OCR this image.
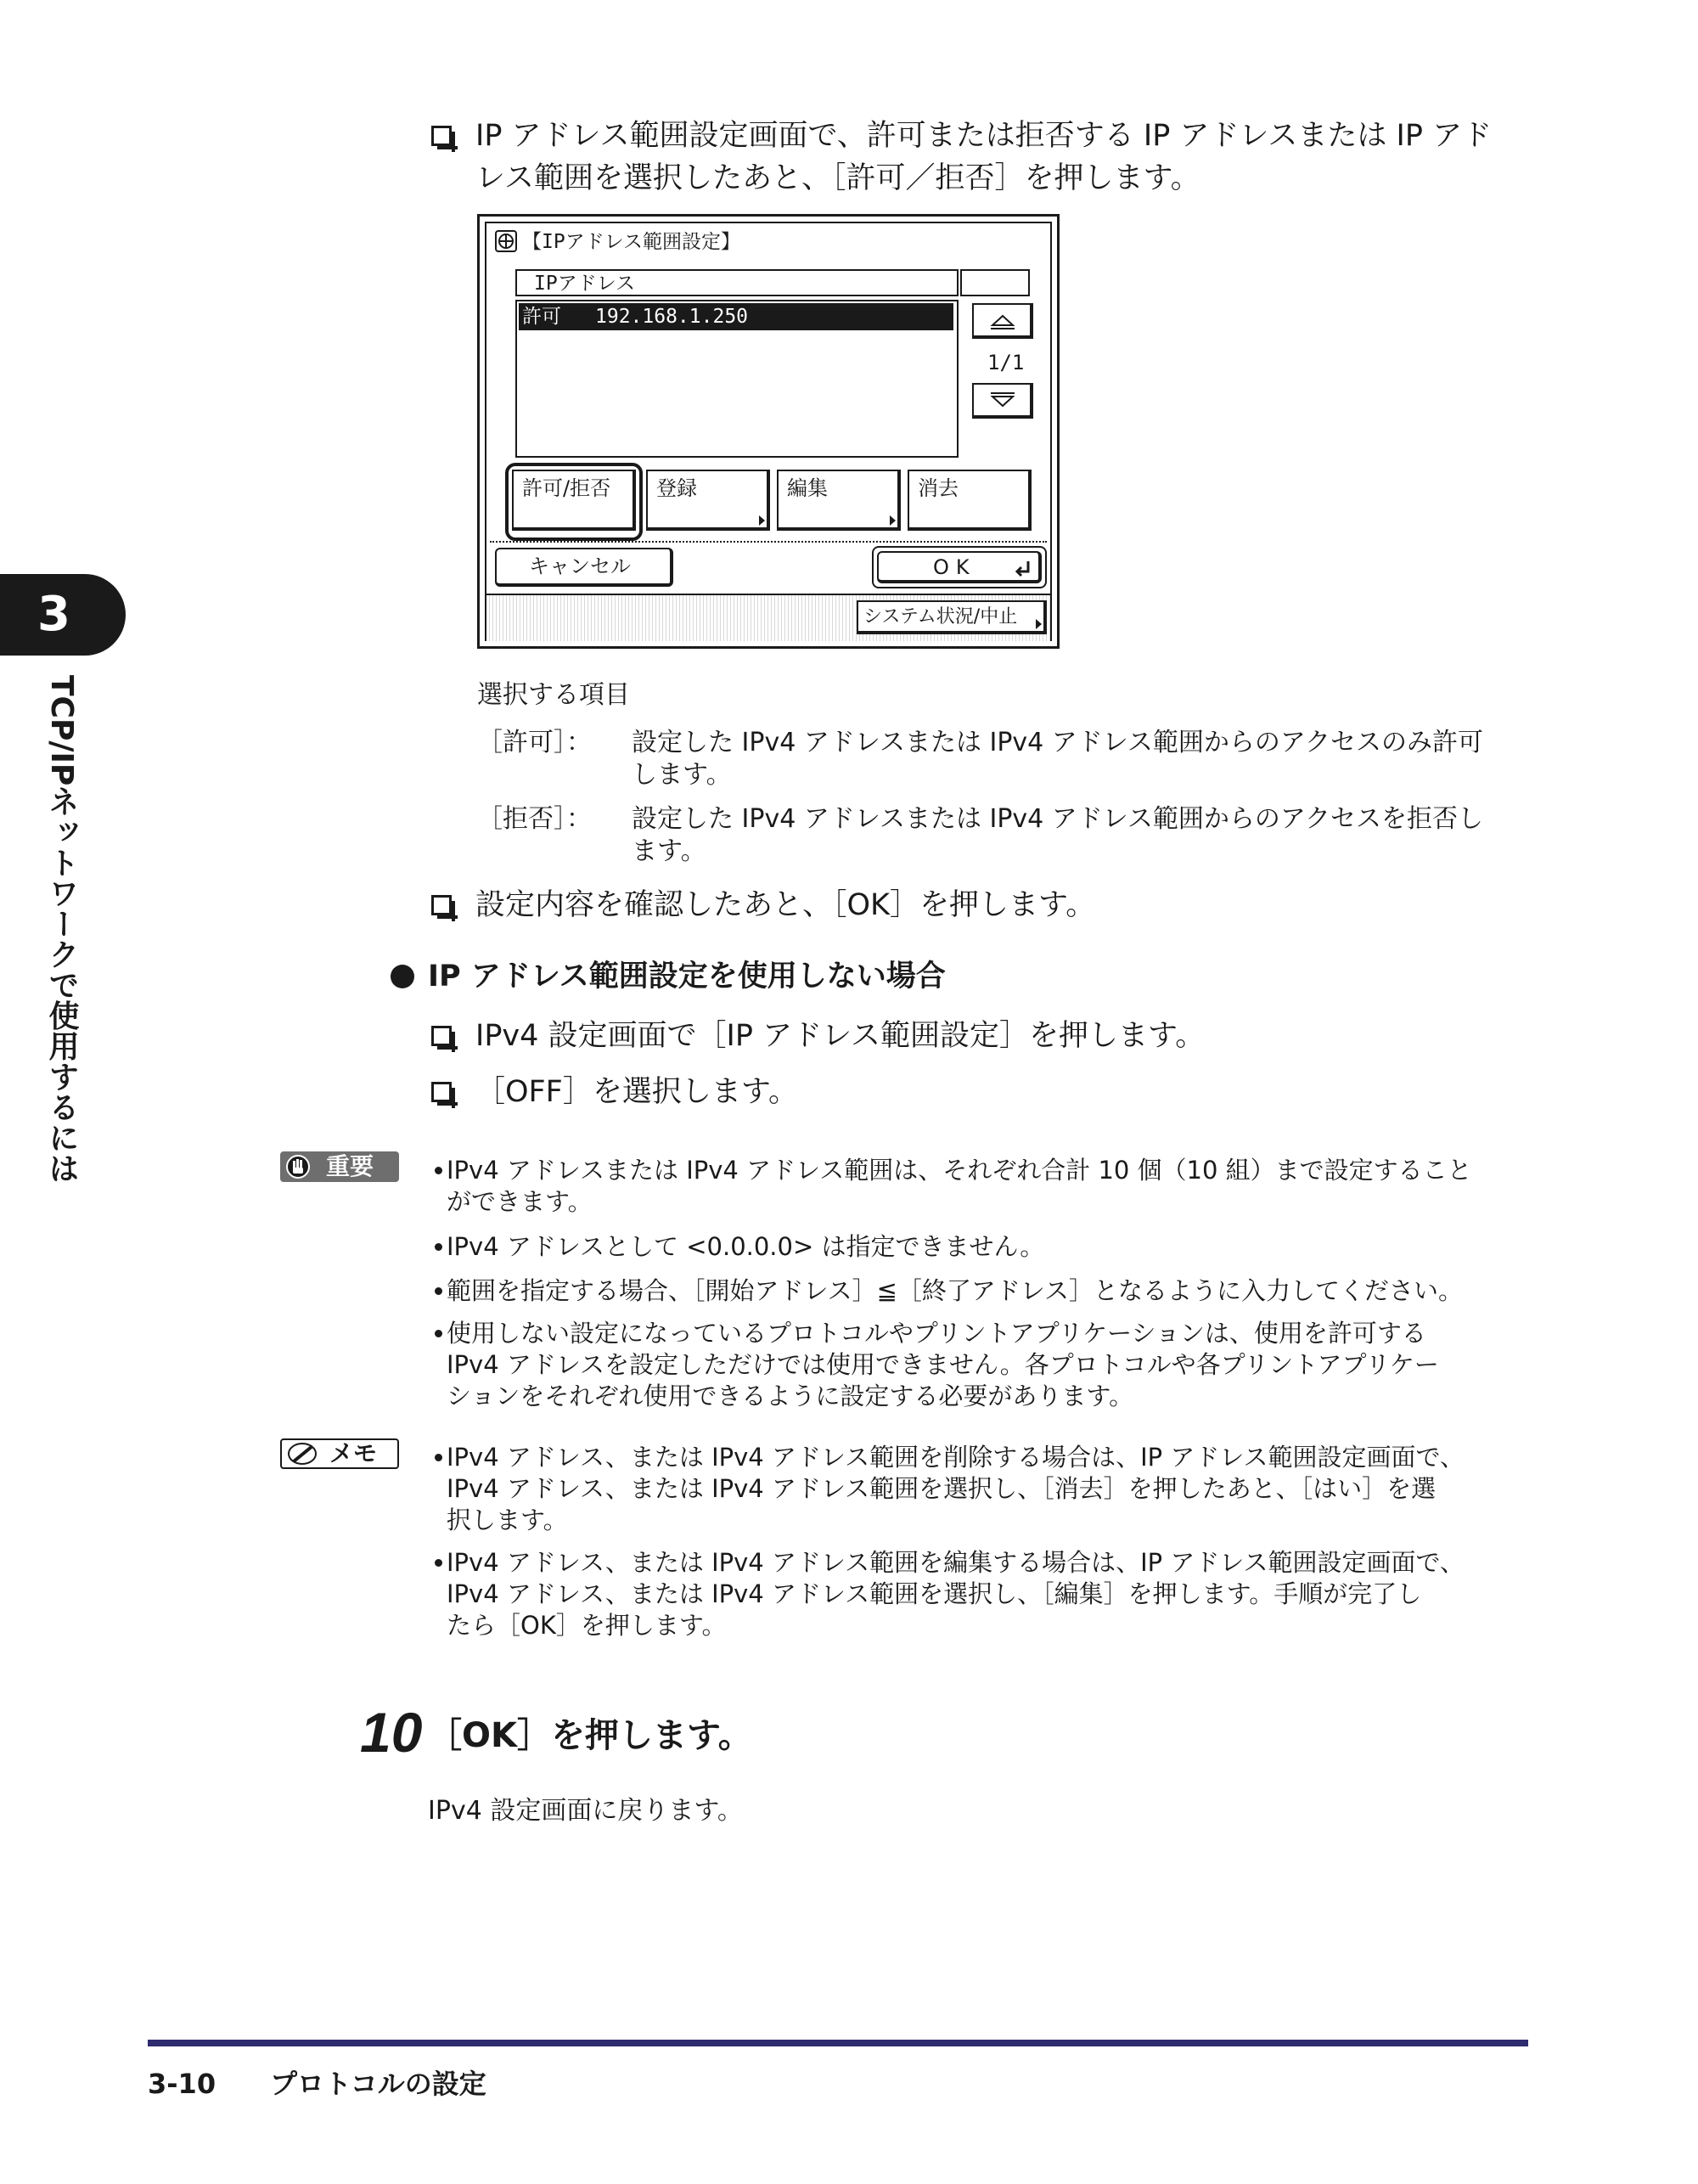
3
TCP/IPネットワークで使用するには
IP アドレス範囲設定画面で、許可または拒否する IP アドレスまたは IP アド
レス範囲を選択したあと、［許可／拒否］を押します。
【IPアドレス範囲設定】
IPアドレス
許可 192.168.1.250
1/1
許可/拒否 登録	編集	消去
キャンセル	OK
システム状況/中止
選択する項目
［許可］： 設定した IPv4 アドレスまたは IPv4 アドレス範囲からのアクセスのみ許可
します。
［拒否］： 設定した IPv4 アドレスまたは IPv4 アドレス範囲からのアクセスを拒否し
ます。
設定内容を確認したあと、［OK］を押します。
IP アドレス範囲設定を使用しない場合
IPv4 設定画面で［IP アドレス範囲設定］を押します。
［OFF］を選択します。
重要	IPv4 アドレスまたは IPv4 アドレス範囲は、それぞれ合計 10 個（10 組）まで設定すること
ができます。
IPv4 アドレスとして <0.0.0.0> は指定できません。
範囲を指定する場合、［開始アドレス］≦［終了アドレス］となるように入力してください。
使用しない設定になっているプロトコルやプリントアプリケーションは、使用を許可する
IPv4 アドレスを設定しただけでは使用できません。各プロトコルや各プリントアプリケー
ションをそれぞれ使用できるように設定する必要があります。
メモ	IPv4 アドレス、または IPv4 アドレス範囲を削除する場合は、IP アドレス範囲設定画面で、
IPv4 アドレス、または IPv4 アドレス範囲を選択し、［消去］を押したあと、［はい］を選
択します。
IPv4 アドレス、または IPv4 アドレス範囲を編集する場合は、IP アドレス範囲設定画面で、
IPv4 アドレス、または IPv4 アドレス範囲を選択し、［編集］を押します。手順が完了し
たら［OK］を押します。
10 ［OK］を押します。
IPv4 設定画面に戻ります。
3-10 プロトコルの設定
